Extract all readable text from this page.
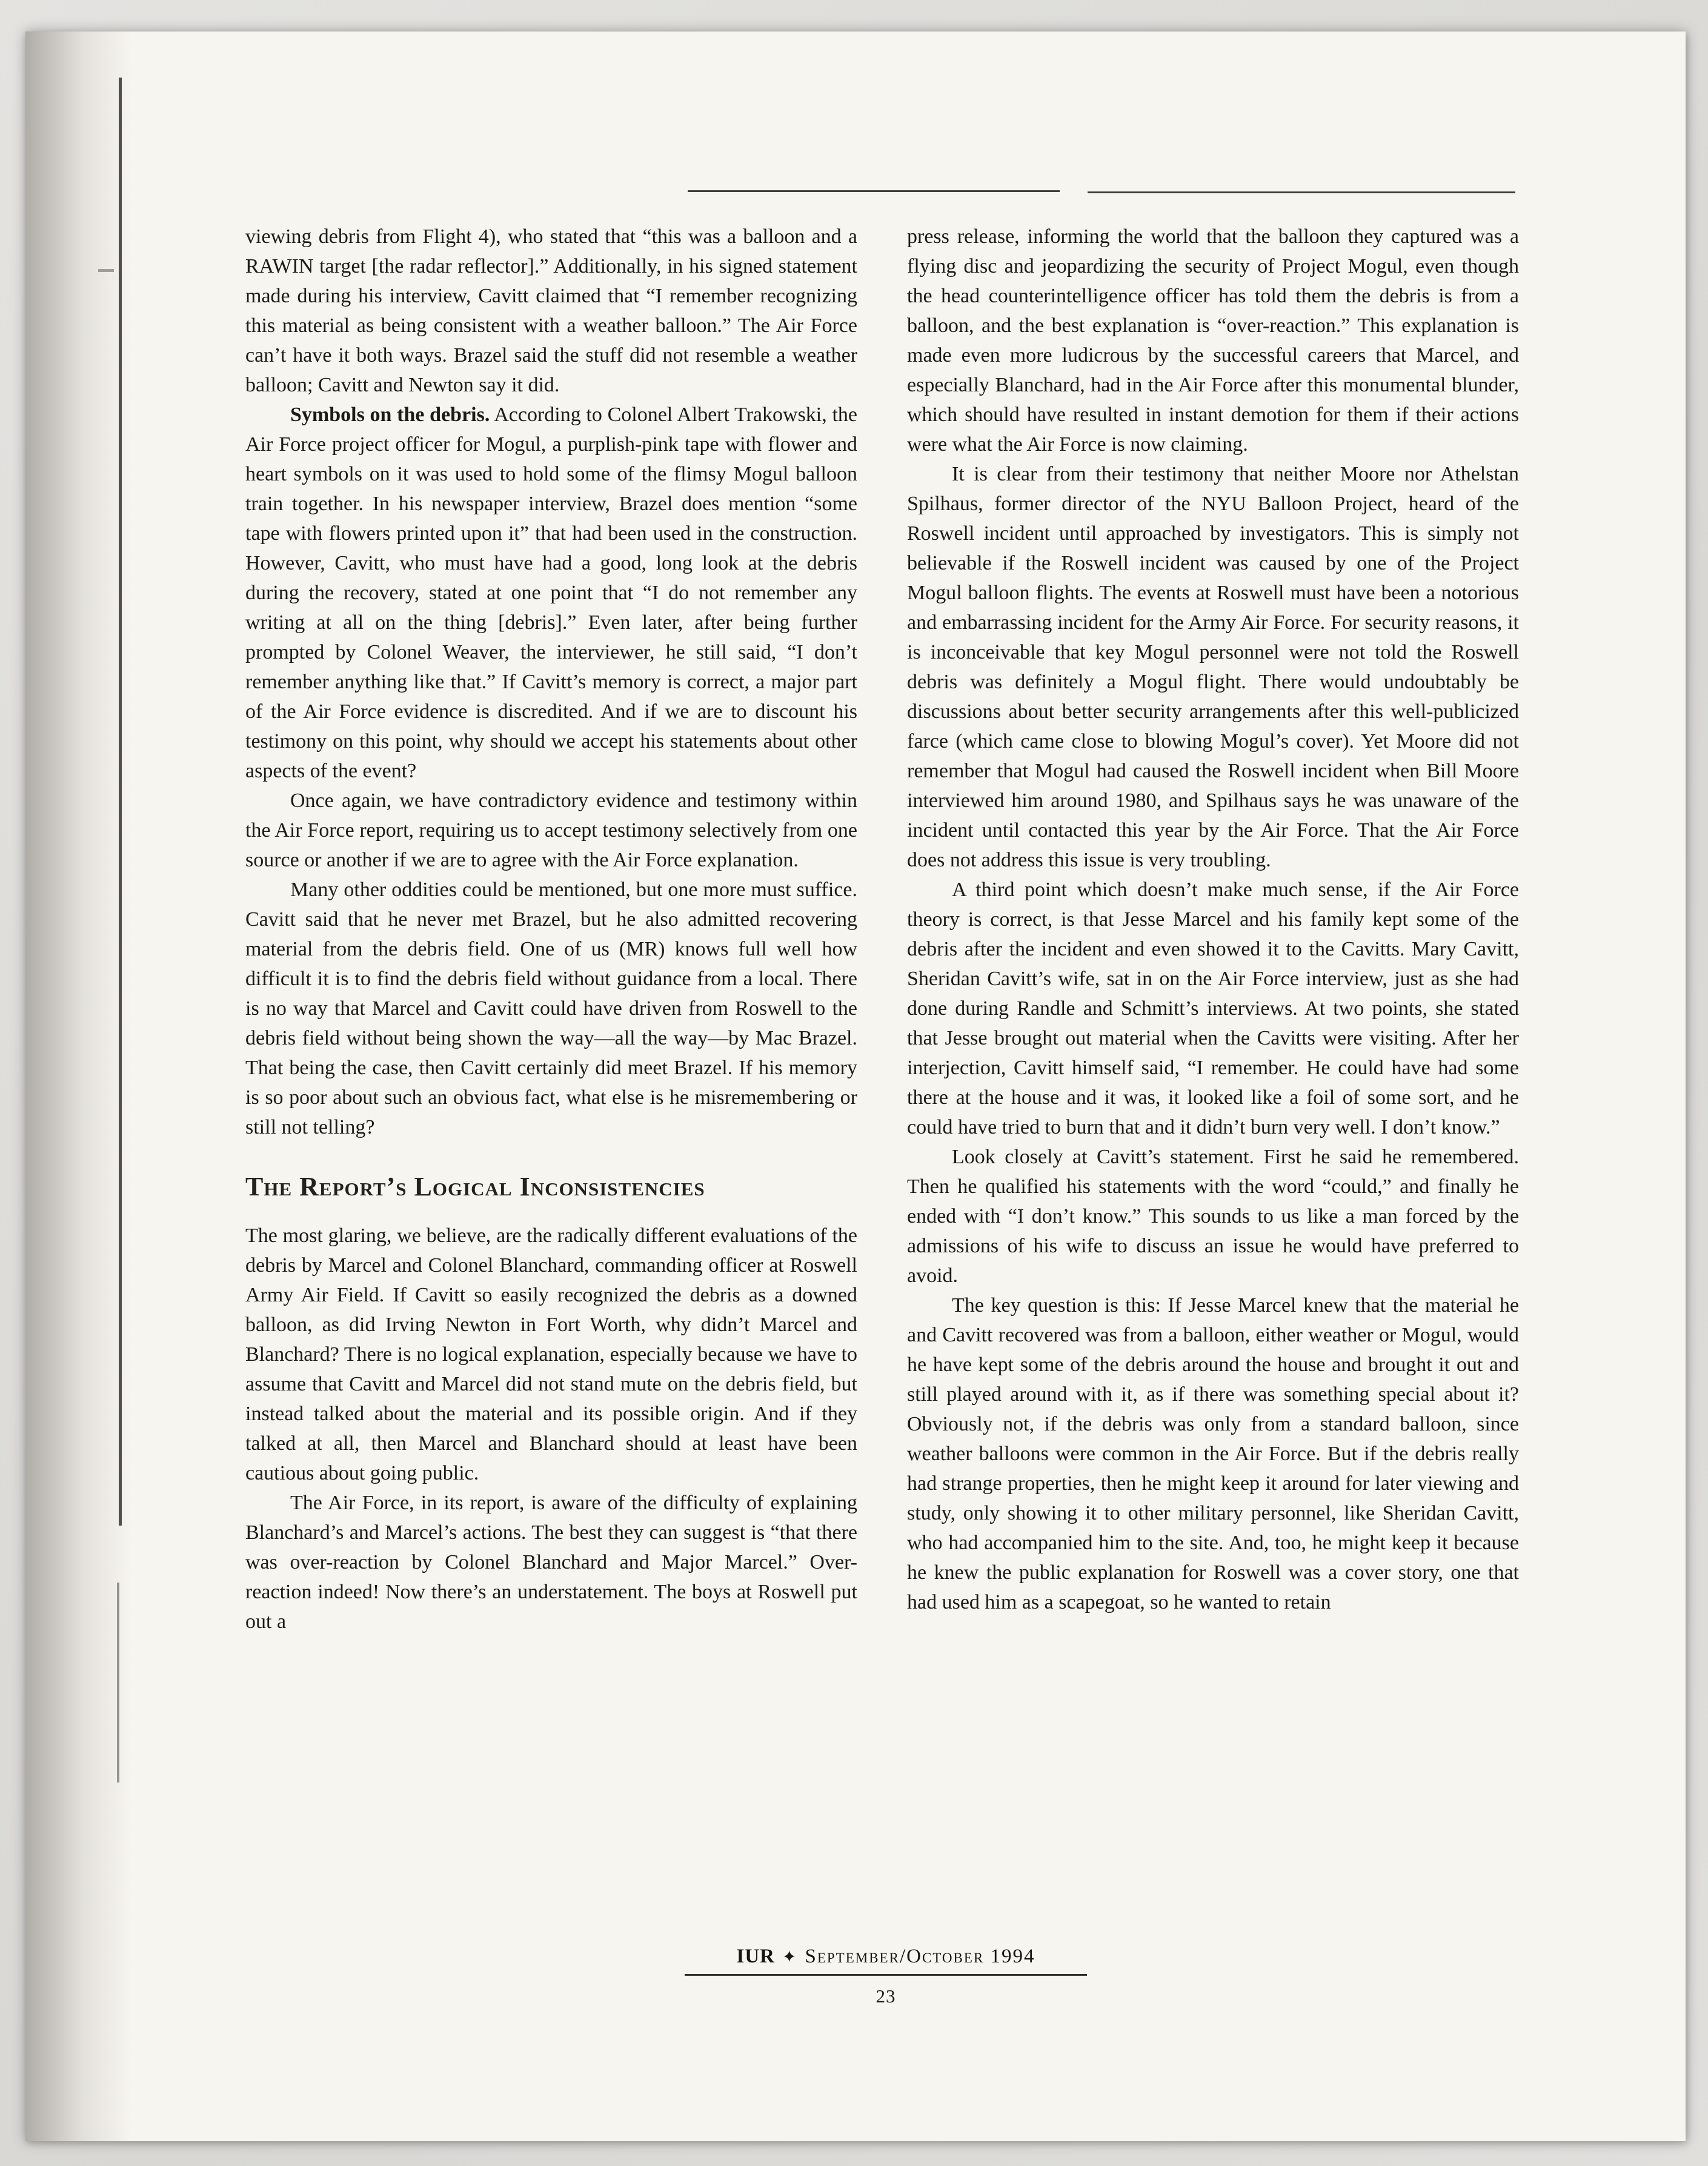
viewing debris from Flight 4), who stated that “this was a balloon and a RAWIN target [the radar reflector].” Additionally, in his signed statement made during his interview, Cavitt claimed that “I remember recognizing this material as being consistent with a weather balloon.” The Air Force can’t have it both ways. Brazel said the stuff did not resemble a weather balloon; Cavitt and Newton say it did.

Symbols on the debris. According to Colonel Albert Trakowski, the Air Force project officer for Mogul, a purplish-pink tape with flower and heart symbols on it was used to hold some of the flimsy Mogul balloon train together. In his newspaper interview, Brazel does mention “some tape with flowers printed upon it” that had been used in the construction. However, Cavitt, who must have had a good, long look at the debris during the recovery, stated at one point that “I do not remember any writing at all on the thing [debris].” Even later, after being further prompted by Colonel Weaver, the interviewer, he still said, “I don’t remember anything like that.” If Cavitt’s memory is correct, a major part of the Air Force evidence is discredited. And if we are to discount his testimony on this point, why should we accept his statements about other aspects of the event?

Once again, we have contradictory evidence and testimony within the Air Force report, requiring us to accept testimony selectively from one source or another if we are to agree with the Air Force explanation.

Many other oddities could be mentioned, but one more must suffice. Cavitt said that he never met Brazel, but he also admitted recovering material from the debris field. One of us (MR) knows full well how difficult it is to find the debris field without guidance from a local. There is no way that Marcel and Cavitt could have driven from Roswell to the debris field without being shown the way—all the way—by Mac Brazel. That being the case, then Cavitt certainly did meet Brazel. If his memory is so poor about such an obvious fact, what else is he misremembering or still not telling?

The Report’s Logical Inconsistencies

The most glaring, we believe, are the radically different evaluations of the debris by Marcel and Colonel Blanchard, commanding officer at Roswell Army Air Field. If Cavitt so easily recognized the debris as a downed balloon, as did Irving Newton in Fort Worth, why didn’t Marcel and Blanchard? There is no logical explanation, especially because we have to assume that Cavitt and Marcel did not stand mute on the debris field, but instead talked about the material and its possible origin. And if they talked at all, then Marcel and Blanchard should at least have been cautious about going public.

The Air Force, in its report, is aware of the difficulty of explaining Blanchard’s and Marcel’s actions. The best they can suggest is “that there was over-reaction by Colonel Blanchard and Major Marcel.” Over-reaction indeed! Now there’s an understatement. The boys at Roswell put out a

press release, informing the world that the balloon they captured was a flying disc and jeopardizing the security of Project Mogul, even though the head counterintelligence officer has told them the debris is from a balloon, and the best explanation is “over-reaction.” This explanation is made even more ludicrous by the successful careers that Marcel, and especially Blanchard, had in the Air Force after this monumental blunder, which should have resulted in instant demotion for them if their actions were what the Air Force is now claiming.

It is clear from their testimony that neither Moore nor Athelstan Spilhaus, former director of the NYU Balloon Project, heard of the Roswell incident until approached by investigators. This is simply not believable if the Roswell incident was caused by one of the Project Mogul balloon flights. The events at Roswell must have been a notorious and embarrassing incident for the Army Air Force. For security reasons, it is inconceivable that key Mogul personnel were not told the Roswell debris was definitely a Mogul flight. There would undoubtably be discussions about better security arrangements after this well-publicized farce (which came close to blowing Mogul’s cover). Yet Moore did not remember that Mogul had caused the Roswell incident when Bill Moore interviewed him around 1980, and Spilhaus says he was unaware of the incident until contacted this year by the Air Force. That the Air Force does not address this issue is very troubling.

A third point which doesn’t make much sense, if the Air Force theory is correct, is that Jesse Marcel and his family kept some of the debris after the incident and even showed it to the Cavitts. Mary Cavitt, Sheridan Cavitt’s wife, sat in on the Air Force interview, just as she had done during Randle and Schmitt’s interviews. At two points, she stated that Jesse brought out material when the Cavitts were visiting. After her interjection, Cavitt himself said, “I remember. He could have had some there at the house and it was, it looked like a foil of some sort, and he could have tried to burn that and it didn’t burn very well. I don’t know.”

Look closely at Cavitt’s statement. First he said he remembered. Then he qualified his statements with the word “could,” and finally he ended with “I don’t know.” This sounds to us like a man forced by the admissions of his wife to discuss an issue he would have preferred to avoid.

The key question is this: If Jesse Marcel knew that the material he and Cavitt recovered was from a balloon, either weather or Mogul, would he have kept some of the debris around the house and brought it out and still played around with it, as if there was something special about it? Obviously not, if the debris was only from a standard balloon, since weather balloons were common in the Air Force. But if the debris really had strange properties, then he might keep it around for later viewing and study, only showing it to other military personnel, like Sheridan Cavitt, who had accompanied him to the site. And, too, he might keep it because he knew the public explanation for Roswell was a cover story, one that had used him as a scapegoat, so he wanted to retain

IUR ✦ September/October 1994
23
